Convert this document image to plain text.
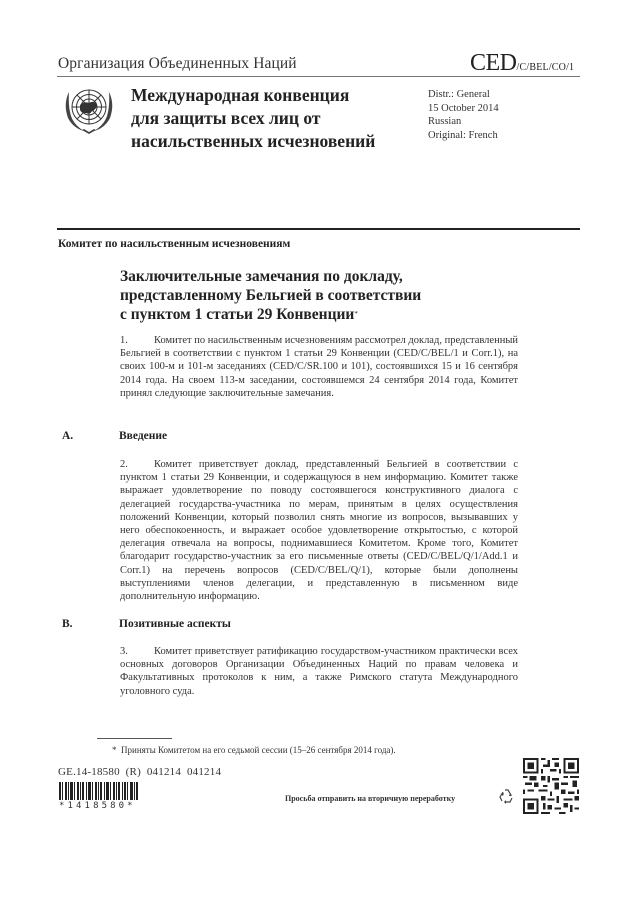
Организация Объединенных Наций	CED/C/BEL/CO/1
Международная конвенция
для защиты всех лиц от
насильственных исчезновений
Distr.: General
15 October 2014
Russian
Original: French
Комитет по насильственным исчезновениям
Заключительные замечания по докладу,
представленному Бельгией в соответствии
с пунктом 1 статьи 29 Конвенции*
1. Комитет по насильственным исчезновениям рассмотрел доклад, представленный Бельгией в соответствии с пунктом 1 статьи 29 Конвенции (CED/C/BEL/1 и Corr.1), на своих 100-м и 101-м заседаниях (CED/C/SR.100 и 101), состоявшихся 15 и 16 сентября 2014 года. На своем 113-м заседании, состоявшемся 24 сентября 2014 года, Комитет принял следующие заключительные замечания.
A.	Введение
2. Комитет приветствует доклад, представленный Бельгией в соответствии с пунктом 1 статьи 29 Конвенции, и содержащуюся в нем информацию. Комитет также выражает удовлетворение по поводу состоявшегося конструктивного диалога с делегацией государства-участника по мерам, принятым в целях осуществления положений Конвенции, который позволил снять многие из вопросов, вызывавших у него обеспокоенность, и выражает особое удовлетворение открытостью, с которой делегация отвечала на вопросы, поднимавшиеся Комитетом. Кроме того, Комитет благодарит государство-участник за его письменные ответы (CED/C/BEL/Q/1/Add.1 и Corr.1) на перечень вопросов (CED/C/BEL/Q/1), которые были дополнены выступлениями членов делегации, и представленную в письменном виде дополнительную информацию.
B.	Позитивные аспекты
3. Комитет приветствует ратификацию государством-участником практически всех основных договоров Организации Объединенных Наций по правам человека и Факультативных протоколов к ним, а также Римского статута Международного уголовного суда.
* Приняты Комитетом на его седьмой сессии (15–26 сентября 2014 года).
GE.14-18580  (R)  041214  041214
*1418580*
Просьба отправить на вторичную переработку
